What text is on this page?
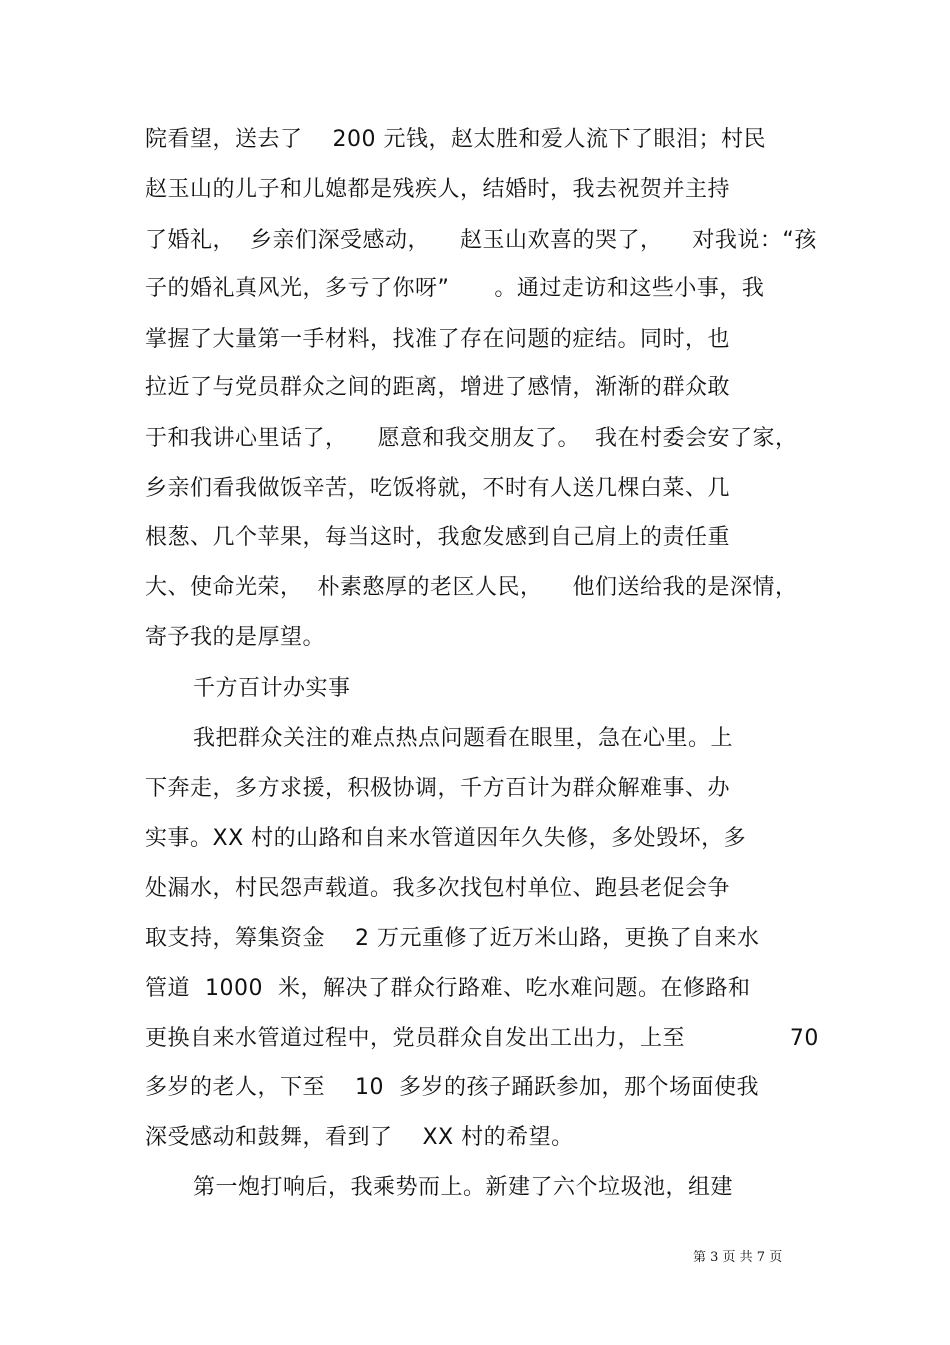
院看望，送去了    200 元钱，赵太胜和爱人流下了眼泪；村民
赵玉山的儿子和儿媳都是残疾人，结婚时，我去祝贺并主持
了婚礼，  乡亲们深受感动，    赵玉山欢喜的哭了，    对我说：“孩
子的婚礼真风光，多亏了你呀”      。通过走访和这些小事，我
掌握了大量第一手材料，找准了存在问题的症结。同时，也
拉近了与党员群众之间的距离，增进了感情，渐渐的群众敢
于和我讲心里话了，    愿意和我交朋友了。  我在村委会安了家，
乡亲们看我做饭辛苦，吃饭将就，不时有人送几棵白菜、几
根葱、几个苹果，每当这时，我愈发感到自己肩上的责任重
大、使命光荣，  朴素憨厚的老区人民，    他们送给我的是深情，
寄予我的是厚望。
千方百计办实事
我把群众关注的难点热点问题看在眼里，急在心里。上
下奔走，多方求援，积极协调，千方百计为群众解难事、办
实事。XX 村的山路和自来水管道因年久失修，多处毁坏，多
处漏水，村民怨声载道。我多次找包村单位、跑县老促会争
取支持，筹集资金    2 万元重修了近万米山路，更换了自来水
管道  1000  米，解决了群众行路难、吃水难问题。在修路和
更换自来水管道过程中，党员群众自发出工出力，上至              70
多岁的老人，下至    10  多岁的孩子踊跃参加，那个场面使我
深受感动和鼓舞，看到了    XX 村的希望。
第一炮打响后，我乘势而上。新建了六个垃圾池，组建
第 3 页 共 7 页
